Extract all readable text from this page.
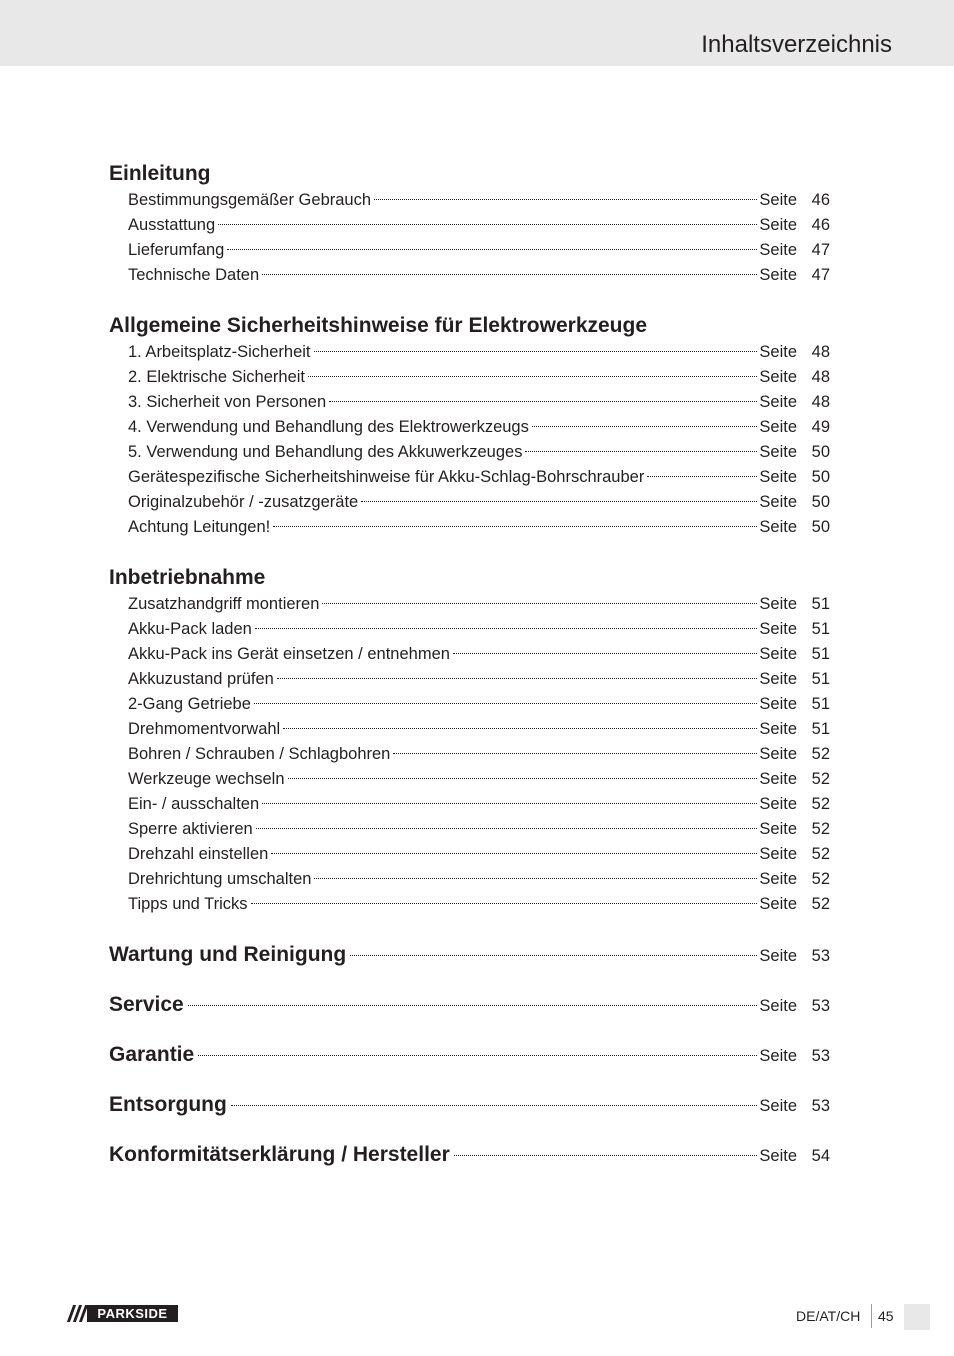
Inhaltsverzeichnis
Einleitung
Bestimmungsgemäßer Gebrauch	Seite 46
Ausstattung	Seite 46
Lieferumfang	Seite 47
Technische Daten	Seite 47
Allgemeine Sicherheitshinweise für Elektrowerkzeuge
1. Arbeitsplatz-Sicherheit	Seite 48
2. Elektrische Sicherheit	Seite 48
3. Sicherheit von Personen	Seite 48
4. Verwendung und Behandlung des Elektrowerkzeugs	Seite 49
5. Verwendung und Behandlung des Akkuwerkzeuges	Seite 50
Gerätespezifische Sicherheitshinweise für Akku-Schlag-Bohrschrauber	Seite 50
Originalzubehör / -zusatzgeräte	Seite 50
Achtung Leitungen!	Seite 50
Inbetriebnahme
Zusatzhandgriff montieren	Seite 51
Akku-Pack laden	Seite 51
Akku-Pack ins Gerät einsetzen / entnehmen	Seite 51
Akkuzustand prüfen	Seite 51
2-Gang Getriebe	Seite 51
Drehmomentvorwahl	Seite 51
Bohren / Schrauben / Schlagbohren	Seite 52
Werkzeuge wechseln	Seite 52
Ein- / ausschalten	Seite 52
Sperre aktivieren	Seite 52
Drehzahl einstellen	Seite 52
Drehrichtung umschalten	Seite 52
Tipps und Tricks	Seite 52
Wartung und Reinigung	Seite 53
Service	Seite 53
Garantie	Seite 53
Entsorgung	Seite 53
Konformitätserklärung / Hersteller	Seite 54
PARKSIDE	DE/AT/CH 45
